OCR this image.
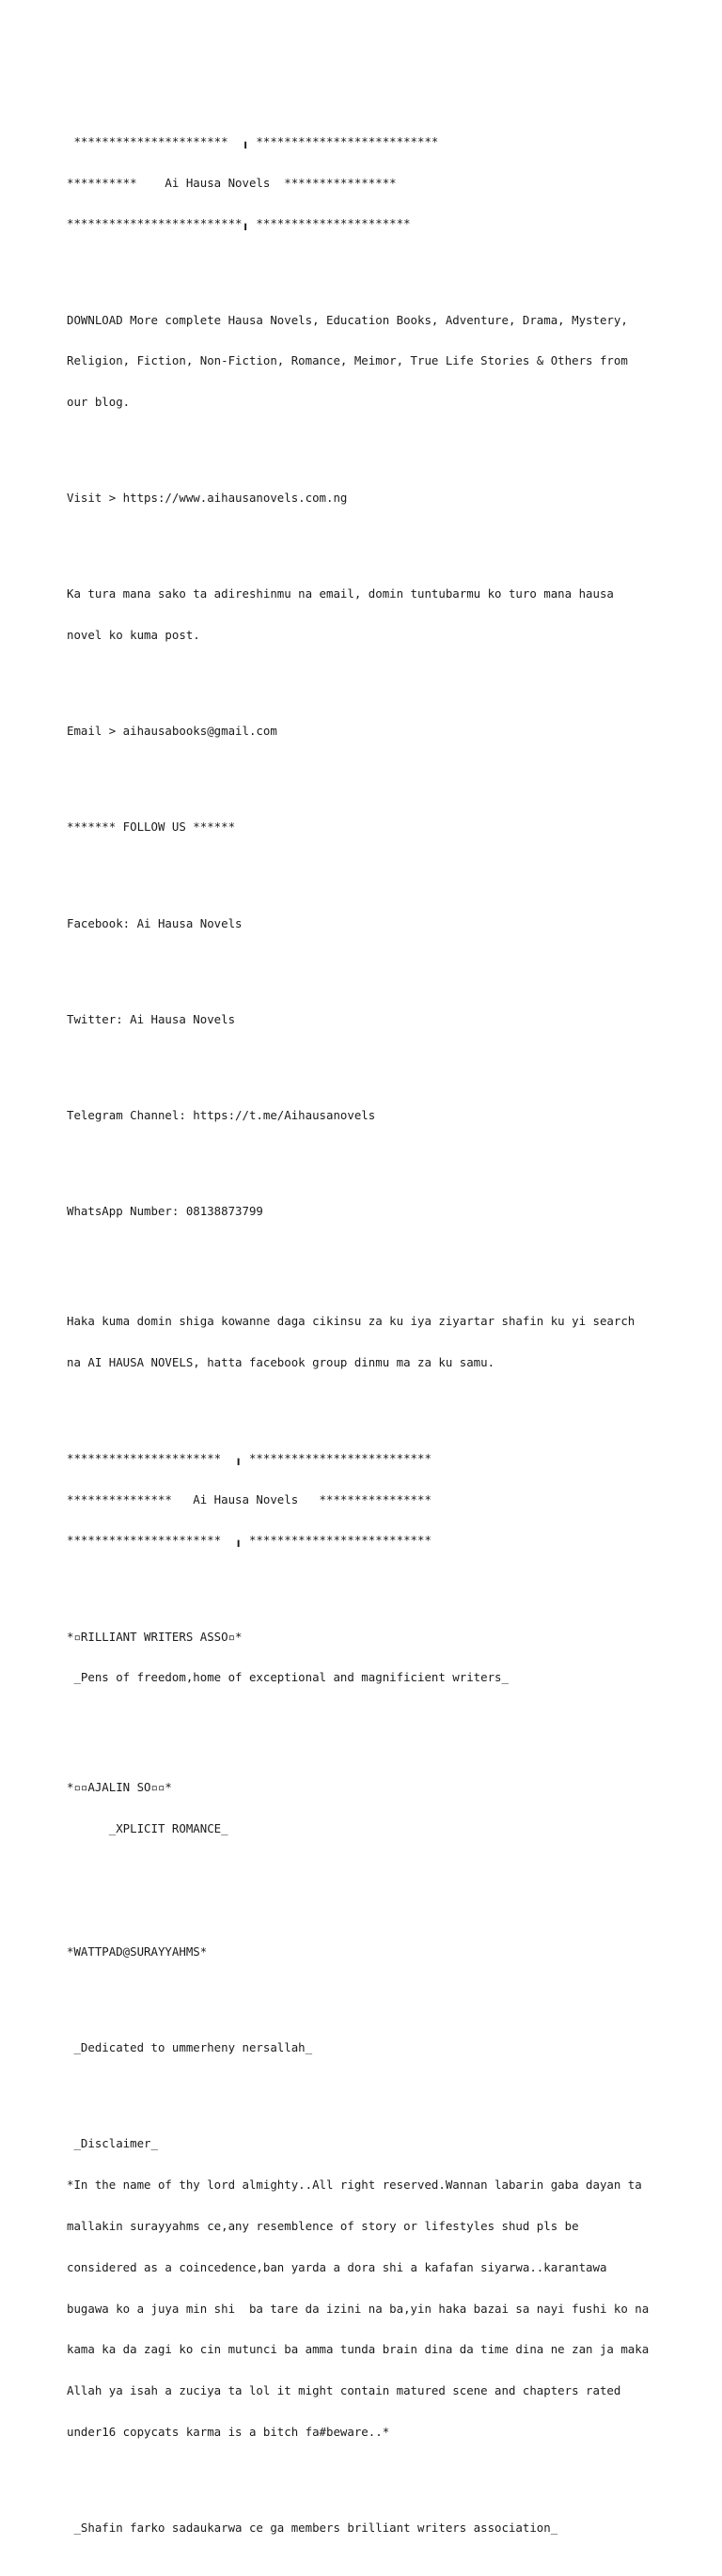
**********************  ╻ **************************

**********    Ai Hausa Novels  ****************

*************************╻ **********************

DOWNLOAD More complete Hausa Novels, Education Books, Adventure, Drama, Mystery,

Religion, Fiction, Non-Fiction, Romance, Meimor, True Life Stories & Others from

our blog.

Visit > https://www.aihausanovels.com.ng

Ka tura mana sako ta adireshinmu na email, domin tuntubarmu ko turo mana hausa

novel ko kuma post.

Email > aihausabooks@gmail.com

******* FOLLOW US ******

Facebook: Ai Hausa Novels

Twitter: Ai Hausa Novels

Telegram Channel: https://t.me/Aihausanovels

WhatsApp Number: 08138873799

Haka kuma domin shiga kowanne daga cikinsu za ku iya ziyartar shafin ku yi search

na AI HAUSA NOVELS, hatta facebook group dinmu ma za ku samu.

**********************  ╻ **************************

***************   Ai Hausa Novels   ****************

**********************  ╻ **************************

*▫RILLIANT WRITERS ASSO▫*

_Pens of freedom,home of exceptional and magnificient writers_

*▫▫AJALIN SO▫▫*

_XPLICIT ROMANCE_

*WATTPAD@SURAYYAHMS*

_Dedicated to ummerheny nersallah_

_Disclaimer_

*In the name of thy lord almighty..All right reserved.Wannan labarin gaba dayan ta

mallakin surayyahms ce,any resemblence of story or lifestyles shud pls be

considered as a coincedence,ban yarda a dora shi a kafafan siyarwa..karantawa

bugawa ko a juya min shi  ba tare da izini na ba,yin haka bazai sa nayi fushi ko na

kama ka da zagi ko cin mutunci ba amma tunda brain dina da time dina ne zan ja maka

Allah ya isah a zuciya ta lol it might contain matured scene and chapters rated

under16 copycats karma is a bitch fa#beware..*

_Shafin farko sadaukarwa ce ga members brilliant writers association_
